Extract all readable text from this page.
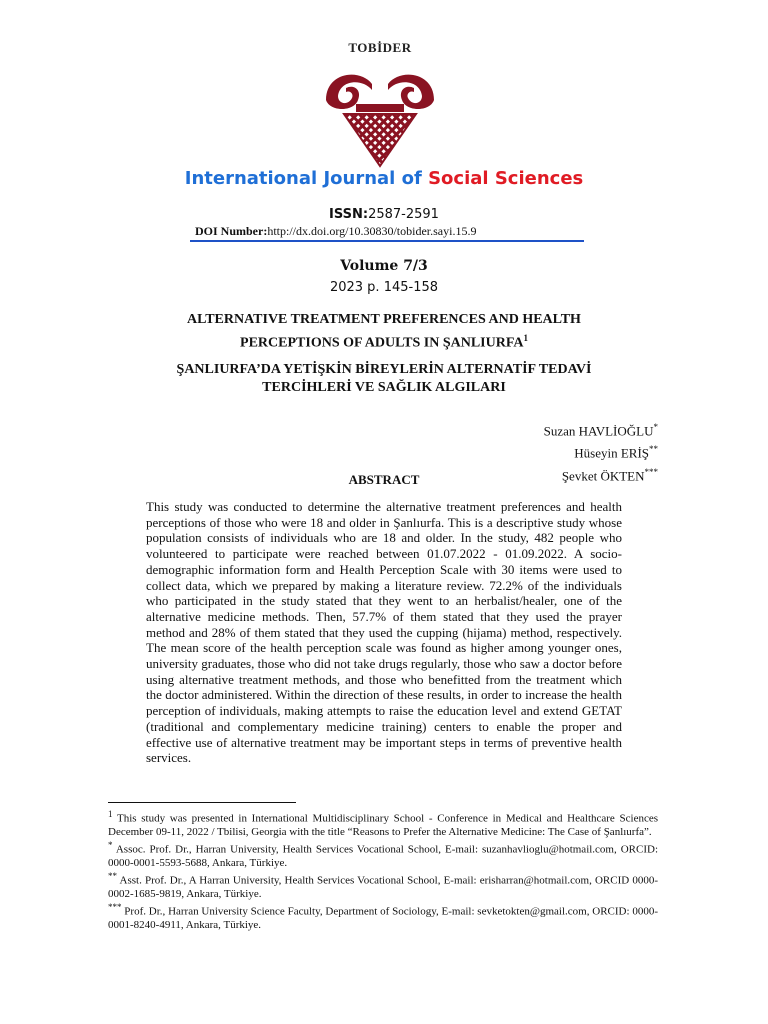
TOBİDER
International Journal of Social Sciences
ISSN:2587-2591
DOI Number:http://dx.doi.org/10.30830/tobider.sayi.15.9
Volume 7/3
2023 p. 145-158
ALTERNATIVE TREATMENT PREFERENCES AND HEALTH
PERCEPTIONS OF ADULTS IN ŞANLIURFA$^1$
ŞANLIURFA’DA YETİŞKİN BİREYLERİN ALTERNATİF TEDAVİ
TERCİHLERİ VE SAĞLIK ALGILARI
Suzan HAVLİOĞLU*
Hüseyin ERİŞ**
Şevket ÖKTEN***
ABSTRACT
This study was conducted to determine the alternative treatment preferences and health perceptions of those who were 18 and older in Şanlıurfa. This is a descriptive study whose population consists of individuals who are 18 and older. In the study, 482 people who volunteered to participate were reached between 01.07.2022 - 01.09.2022. A socio-demographic information form and Health Perception Scale with 30 items were used to collect data, which we prepared by making a literature review. 72.2% of the individuals who participated in the study stated that they went to an herbalist/healer, one of the alternative medicine methods. Then, 57.7% of them stated that they used the prayer method and 28% of them stated that they used the cupping (hijama) method, respectively. The mean score of the health perception scale was found as higher among younger ones, university graduates, those who did not take drugs regularly, those who saw a doctor before using alternative treatment methods, and those who benefitted from the treatment which the doctor administered. Within the direction of these results, in order to increase the health perception of individuals, making attempts to raise the education level and extend GETAT (traditional and complementary medicine training) centers to enable the proper and effective use of alternative treatment may be important steps in terms of preventive health services.

$^1$ This study was presented in International Multidisciplinary School - Conference in Medical and Healthcare Sciences December 09-11, 2022 / Tbilisi, Georgia with the title “Reasons to Prefer the Alternative Medicine: The Case of Şanlıurfa”.

* Assoc. Prof. Dr., Harran University, Health Services Vocational School, E-mail: suzanhavlioglu@hotmail.com, ORCID: 0000-0001-5593-5688, Ankara, Türkiye.

** Asst. Prof. Dr., A Harran University, Health Services Vocational School, E-mail: erisharran@hotmail.com, ORCID 0000-0002-1685-9819, Ankara, Türkiye.

*** Prof. Dr., Harran University Science Faculty, Department of Sociology, E-mail: sevketokten@gmail.com, ORCID: 0000-0001-8240-4911, Ankara, Türkiye.
